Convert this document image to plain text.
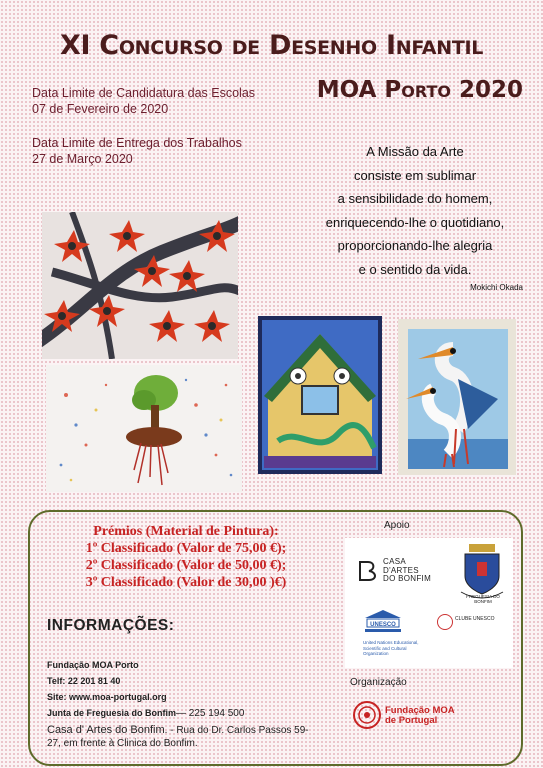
XI Concurso de Desenho Infantil
MOA Porto 2020
Data Limite de Candidatura das Escolas
07 de Fevereiro de 2020
Data Limite de Entrega dos Trabalhos
27 de Março 2020	A Missão da Arte
consiste em sublimar
a sensibilidade do homem,
enriquecendo-lhe o quotidiano,
proporcionando-lhe alegria
e o sentido da vida.
Mokichi Okada
Prémios (Material de Pintura):
1º Classificado (Valor de 75,00 €);
2º Classificado (Valor de 50,00 €);
3º Classificado (Valor de 30,00 )€)
INFORMAÇÕES:
Fundação MOA Porto
Telf: 22 201 81 40
Site: www.moa-portugal.org
Junta de Freguesia do Bonfim— 225 194 500
Casa d' Artes do Bonfim. - Rua do Dr. Carlos Passos 59-
27, em frente à Clinica do Bonfim.
Apoio
CASA
D'ARTES
DO BONFIM
FREGUESIA DO BONFIM
UNESCO
United Nations Educational, Scientific and Cultural Organization
CLUBE UNESCO
Organização
Fundação MOA
de Portugal
